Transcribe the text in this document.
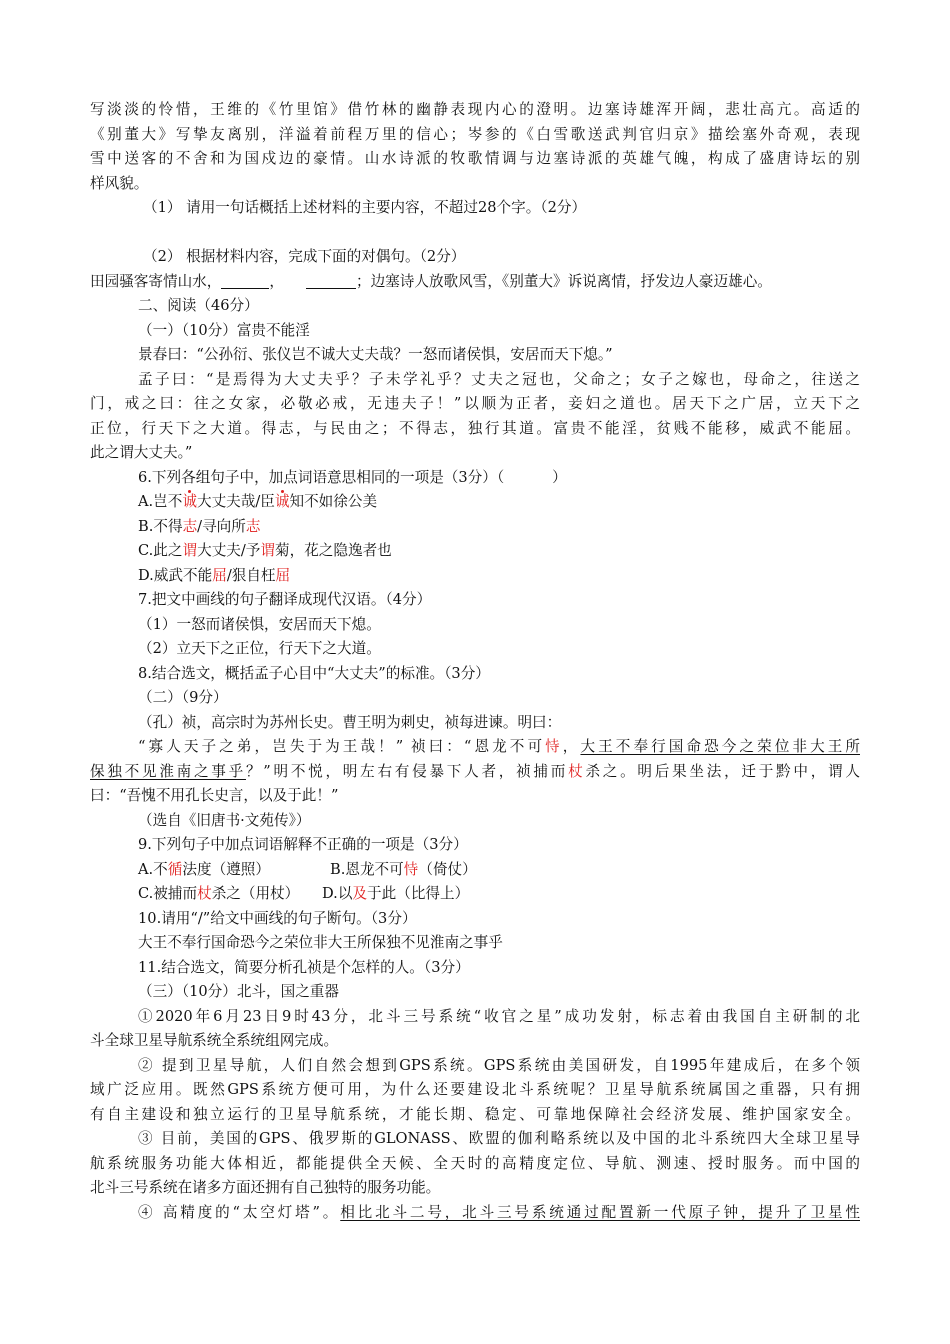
写淡淡的怜惜，王维的《竹里馆》借竹林的幽静表现内心的澄明。边塞诗雄浑开阔，悲壮高亢。高适的
《别董大》写挚友离别，洋溢着前程万里的信心；岑参的《白雪歌送武判官归京》描绘塞外奇观，表现
雪中送客的不舍和为国戍边的豪情。山水诗派的牧歌情调与边塞诗派的英雄气魄，构成了盛唐诗坛的别
样风貌。
（1） 请用一句话概括上述材料的主要内容，不超过28个字。（2分）
（2） 根据材料内容，完成下面的对偶句。（2分）
田园骚客寄情山水，	，	；边塞诗人放歌风雪，《别董大》诉说离情，抒发边人豪迈雄心。
二、阅读（46分）
（一）（10分）富贵不能淫
景春曰：“公孙衍、张仪岂不诚大丈夫哉？一怒而诸侯惧，安居而天下熄。”
孟子曰：“是焉得为大丈夫乎？子未学礼乎？丈夫之冠也，父命之；女子之嫁也，母命之，往送之
门，戒之曰：往之女家，必敬必戒，无违夫子！”以顺为正者，妾妇之道也。居天下之广居，立天下之
正位，行天下之大道。得志，与民由之；不得志，独行其道。富贵不能淫，贫贱不能移，威武不能屈。
此之谓大丈夫。”
6.下列各组句子中，加点词语意思相同的一项是（3分）（	）
A.岂不诚大丈夫哉/臣诚知不如徐公美
B.不得志/寻向所志
C.此之谓大丈夫/予谓菊，花之隐逸者也
D.威武不能屈/狠自枉屈
7.把文中画线的句子翻译成现代汉语。（4分）
（1）一怒而诸侯惧，安居而天下熄。
（2）立天下之正位，行天下之大道。
8.结合选文，概括孟子心目中“大丈夫”的标准。（3分）
（二）（9分）
（孔）祯，高宗时为苏州长史。曹王明为刺史，祯每进谏。明曰：
“寡人天子之弟，岂失于为王哉！” 祯曰：“恩龙不可恃，大王不奉行国命恐今之荣位非大王所
保独不见淮南之事乎？”明不悦，明左右有侵暴下人者，祯捕而杖杀之。明后果坐法，迁于黔中，谓人
曰：“吾愧不用孔长史言，以及于此！”
（选自《旧唐书·文苑传》）
9.下列句子中加点词语解释不正确的一项是（3分）
A.不循法度（遵照）	B.恩龙不可恃（倚仗）
C.被捕而杖杀之（用杖） D.以及于此（比得上）
10.请用“/”给文中画线的句子断句。（3分）
大王不奉行国命恐今之荣位非大王所保独不见淮南之事乎
11.结合选文，简要分析孔祯是个怎样的人。（3分）
（三）（10分）北斗，国之重器
①2020年6月23日9时43分，北斗三号系统“收官之星”成功发射，标志着由我国自主研制的北
斗全球卫星导航系统全系统组网完成。
② 提到卫星导航，人们自然会想到GPS系统。GPS系统由美国研发，自1995年建成后，在多个领
域广泛应用。既然GPS系统方便可用，为什么还要建设北斗系统呢？卫星导航系统属国之重器，只有拥
有自主建设和独立运行的卫星导航系统，才能长期、稳定、可靠地保障社会经济发展、维护国家安全。
③ 目前，美国的GPS、俄罗斯的GLONASS、欧盟的伽利略系统以及中国的北斗系统四大全球卫星导
航系统服务功能大体相近，都能提供全天候、全天时的高精度定位、导航、测速、授时服务。而中国的
北斗三号系统在诸多方面还拥有自己独特的服务功能。
④ 高精度的“太空灯塔”。相比北斗二号，北斗三号系统通过配置新一代原子钟，提升了卫星性
